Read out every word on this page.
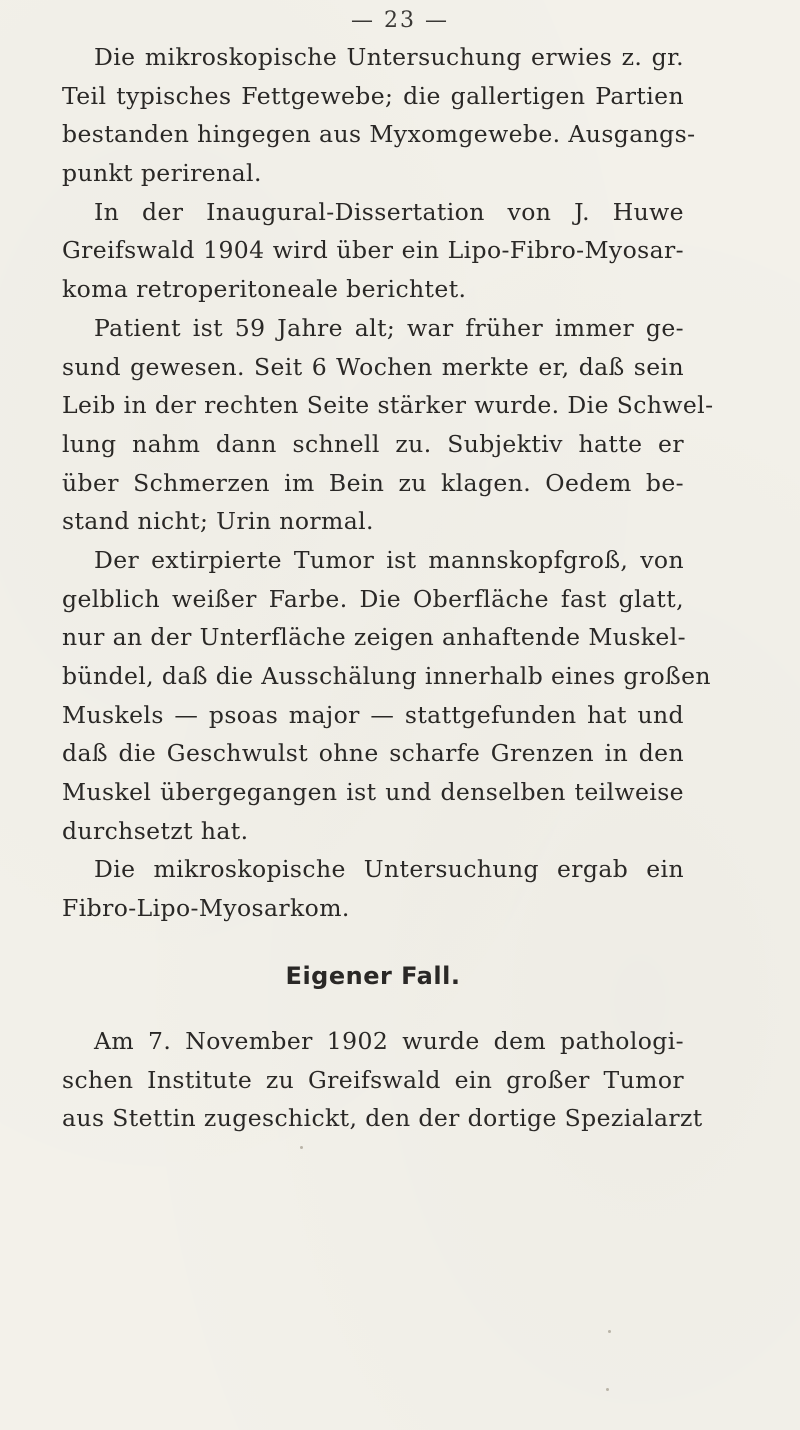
— 23 —
Die mikroskopische Untersuchung erwies z. gr.
Teil typisches Fettgewebe; die gallertigen Partien
bestanden hingegen aus Myxomgewebe. Ausgangs-
punkt perirenal.
In der Inaugural-Dissertation von J. Huwe
Greifswald 1904 wird über ein Lipo-Fibro-Myosar-
koma retroperitoneale berichtet.
Patient ist 59 Jahre alt; war früher immer ge-
sund gewesen. Seit 6 Wochen merkte er, daß sein
Leib in der rechten Seite stärker wurde. Die Schwel-
lung nahm dann schnell zu. Subjektiv hatte er
über Schmerzen im Bein zu klagen. Oedem be-
stand nicht; Urin normal.
Der extirpierte Tumor ist mannskopfgroß, von
gelblich weißer Farbe. Die Oberfläche fast glatt,
nur an der Unterfläche zeigen anhaftende Muskel-
bündel, daß die Ausschälung innerhalb eines großen
Muskels — psoas major — stattgefunden hat und
daß die Geschwulst ohne scharfe Grenzen in den
Muskel übergegangen ist und denselben teilweise
durchsetzt hat.
Die mikroskopische Untersuchung ergab ein
Fibro-Lipo-Myosarkom.
Eigener Fall.
Am 7. November 1902 wurde dem pathologi-
schen Institute zu Greifswald ein großer Tumor
aus Stettin zugeschickt, den der dortige Spezialarzt
